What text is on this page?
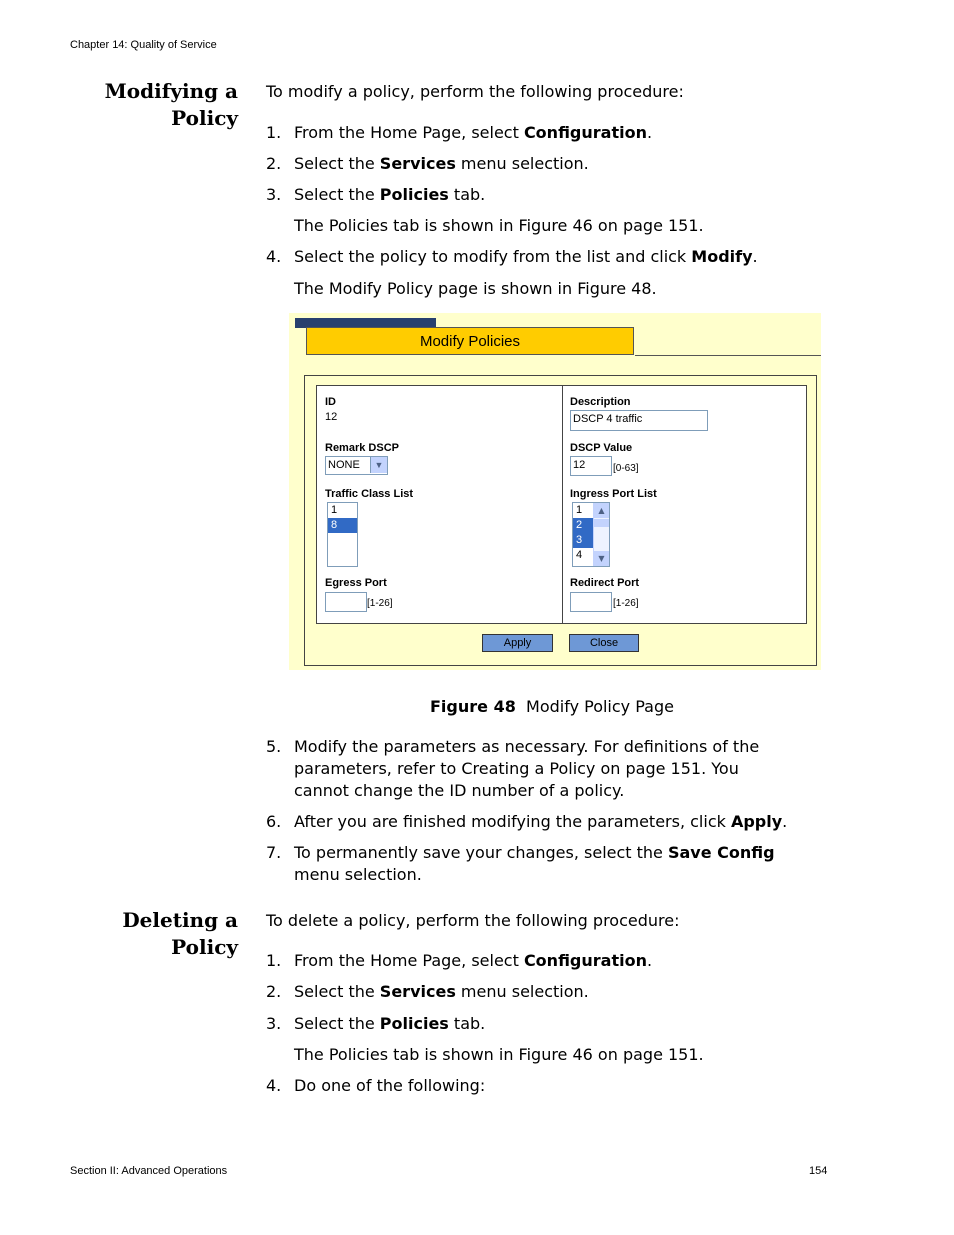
Chapter 14: Quality of Service
Modifying a
Policy
To modify a policy, perform the following procedure:
1. From the Home Page, select Configuration.
2. Select the Services menu selection.
3. Select the Policies tab.
The Policies tab is shown in Figure 46 on page 151.
4. Select the policy to modify from the list and click Modify.
The Modify Policy page is shown in Figure 48.
Modify Policies
ID
12
Remark DSCP
NONE	▼
Traffic Class List
1
8
Egress Port
[1-26]
Description
DSCP 4 traffic
DSCP Value
12	[0-63]
Ingress Port List
1
2
3
4
▲
▼
Redirect Port
[1-26]
Apply	Close
Figure 48 Modify Policy Page
5. Modify the parameters as necessary. For definitions of the parameters, refer to Creating a Policy on page 151. You cannot change the ID number of a policy.
6. After you are finished modifying the parameters, click Apply.
7. To permanently save your changes, select the Save Config menu selection.
Deleting a Policy
To delete a policy, perform the following procedure:
1. From the Home Page, select Configuration.
2. Select the Services menu selection.
3. Select the Policies tab.
The Policies tab is shown in Figure 46 on page 151.
4. Do one of the following:
Section II: Advanced Operations	154
